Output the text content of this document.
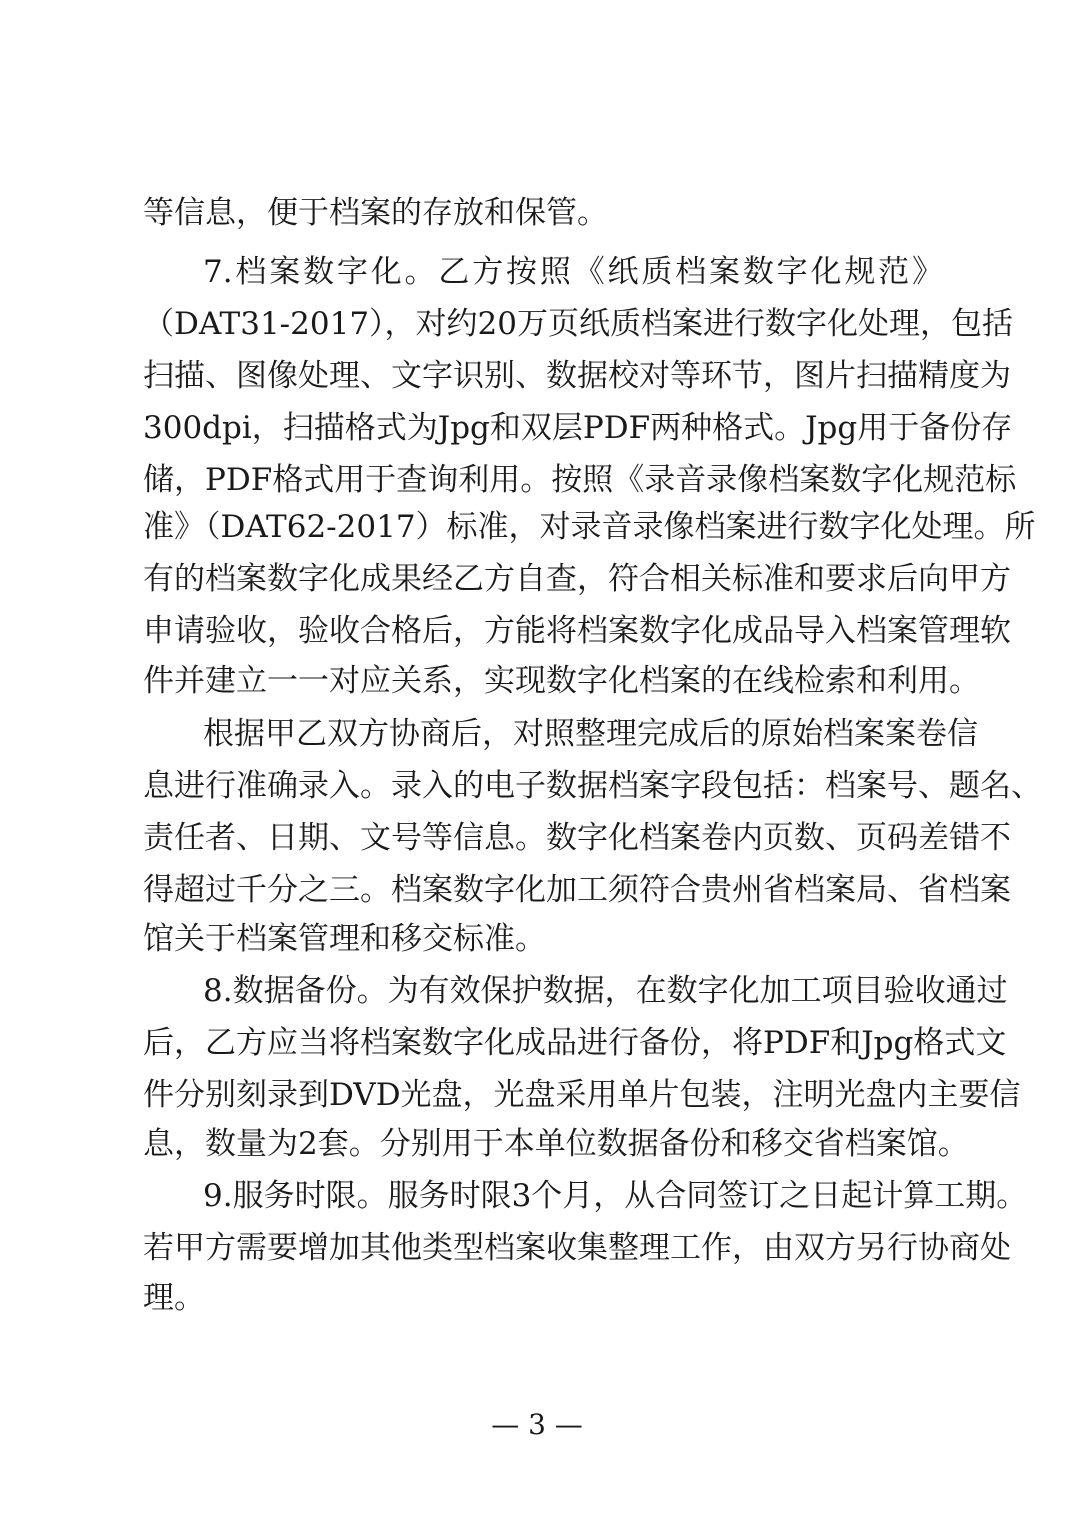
等信息，便于档案的存放和保管。
7.档案数字化。乙方按照《纸质档案数字化规范》
（DAT31-2017），对约20万页纸质档案进行数字化处理，包括
扫描、图像处理、文字识别、数据校对等环节，图片扫描精度为
300dpi，扫描格式为Jpg和双层PDF两种格式。Jpg用于备份存
储，PDF格式用于查询利用。按照《录音录像档案数字化规范标
准》（DAT62-2017）标准，对录音录像档案进行数字化处理。所
有的档案数字化成果经乙方自查，符合相关标准和要求后向甲方
申请验收，验收合格后，方能将档案数字化成品导入档案管理软
件并建立一一对应关系，实现数字化档案的在线检索和利用。
根据甲乙双方协商后，对照整理完成后的原始档案案卷信
息进行准确录入。录入的电子数据档案字段包括：档案号、题名、
责任者、日期、文号等信息。数字化档案卷内页数、页码差错不
得超过千分之三。档案数字化加工须符合贵州省档案局、省档案
馆关于档案管理和移交标准。
8.数据备份。为有效保护数据，在数字化加工项目验收通过
后，乙方应当将档案数字化成品进行备份，将PDF和Jpg格式文
件分别刻录到DVD光盘，光盘采用单片包装，注明光盘内主要信
息，数量为2套。分别用于本单位数据备份和移交省档案馆。
9.服务时限。服务时限3个月，从合同签订之日起计算工期。
若甲方需要增加其他类型档案收集整理工作，由双方另行协商处
理。
— 3 —
